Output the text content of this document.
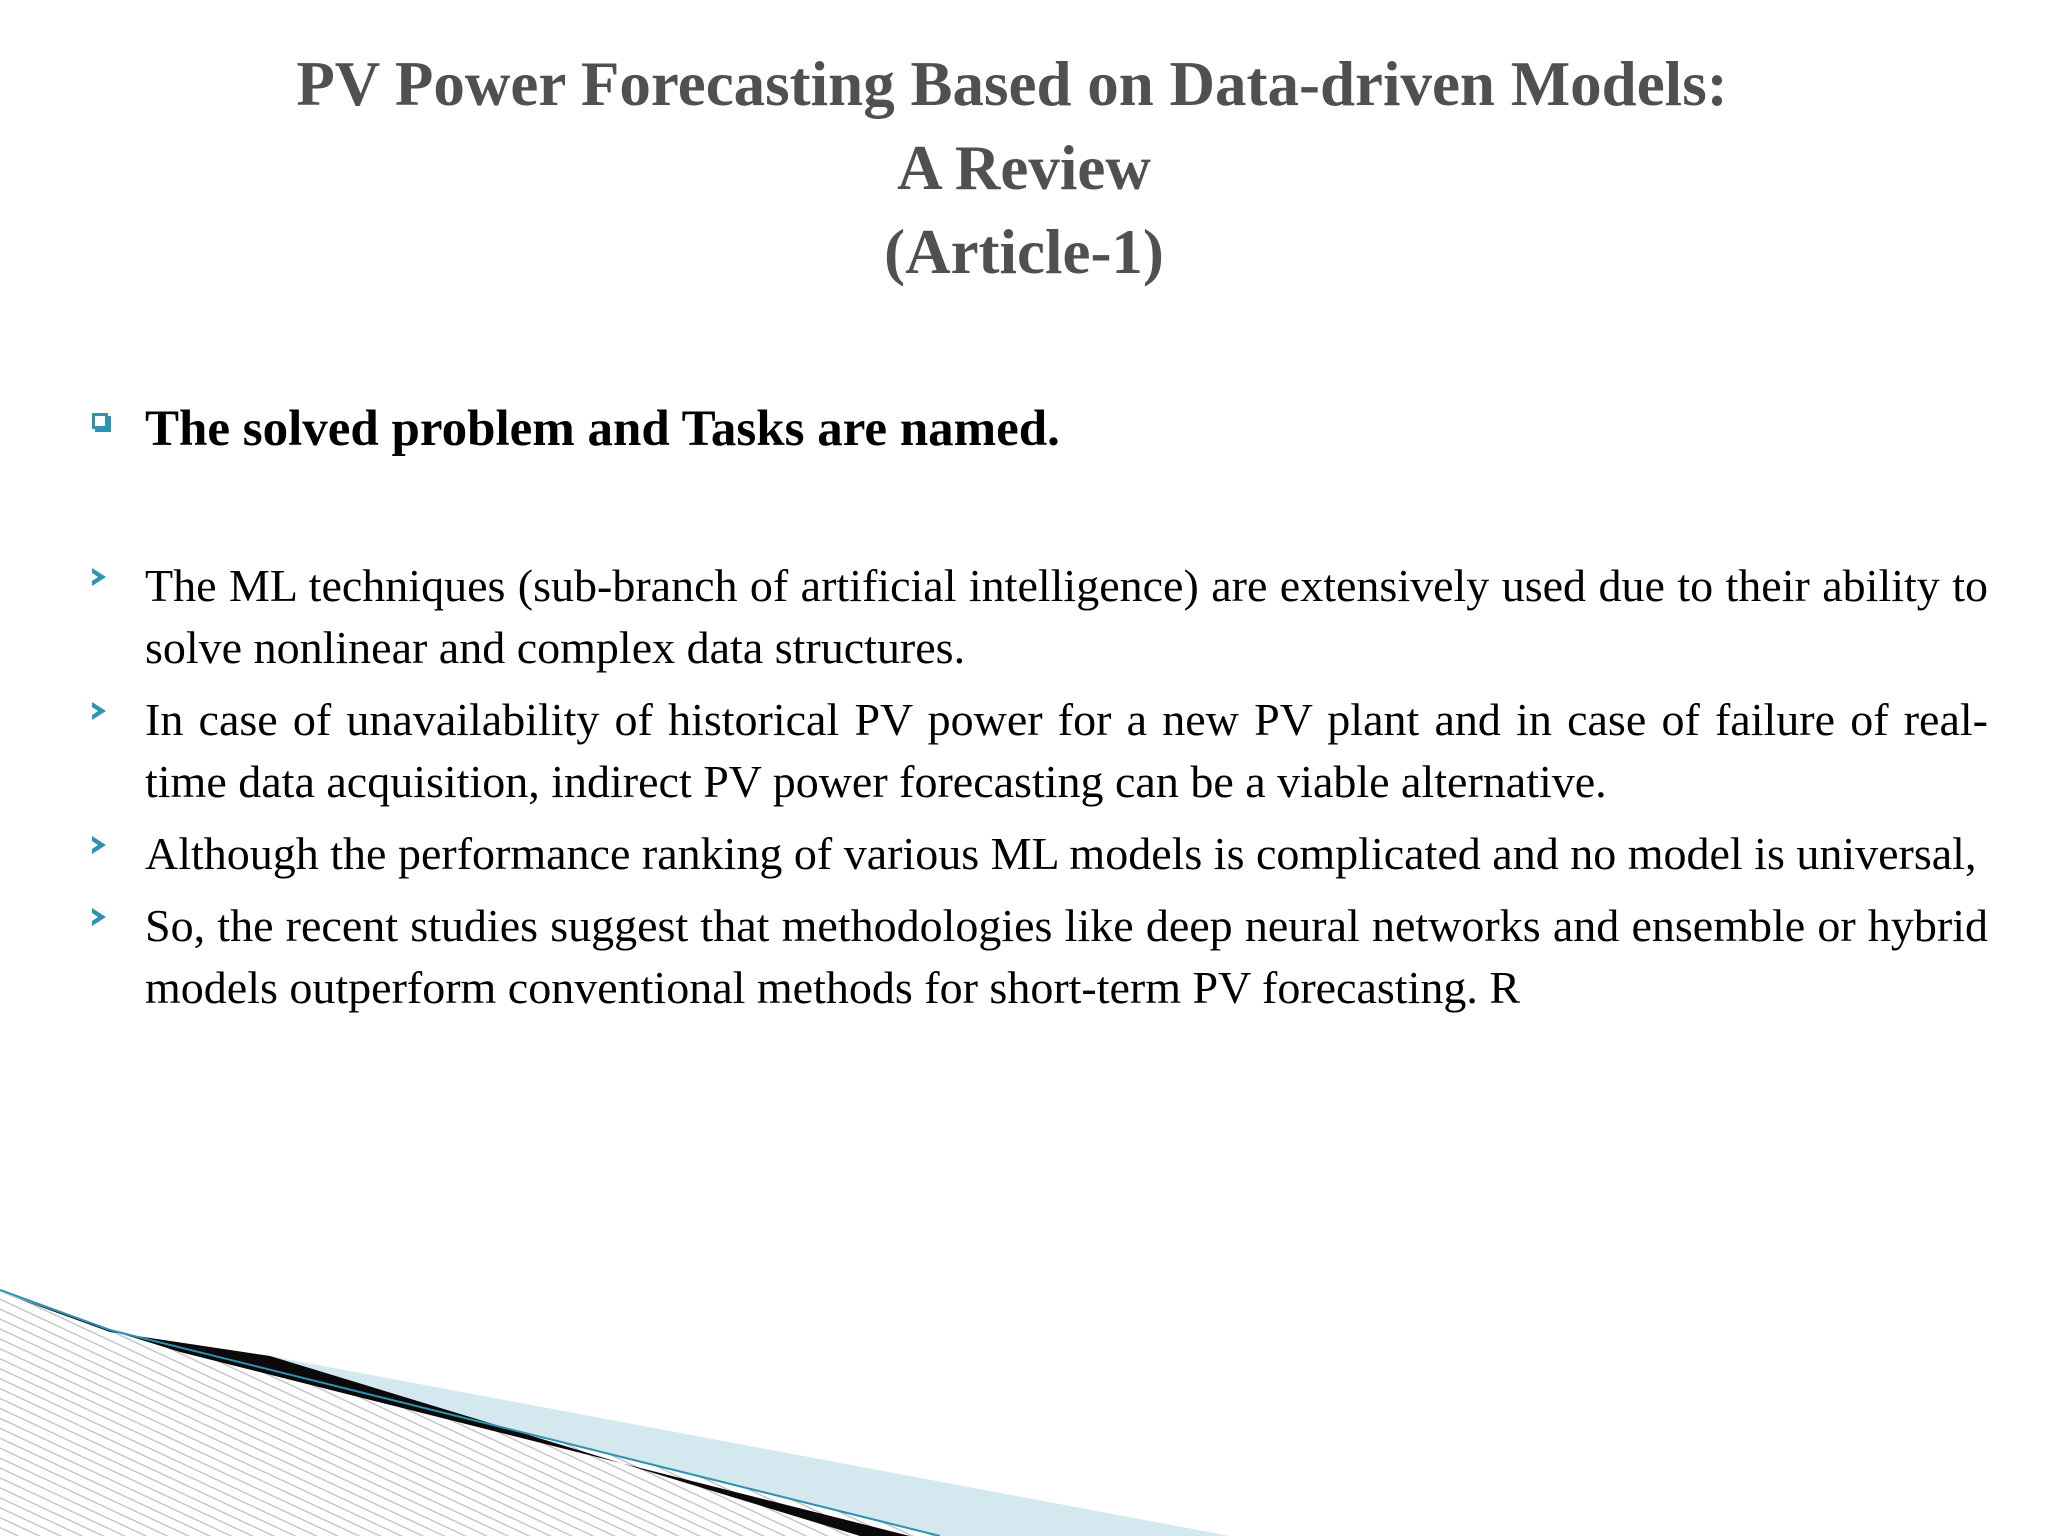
PV Power Forecasting Based on Data-driven Models:
A Review
(Article-1)
The solved problem and Tasks are named.
The ML techniques (sub-branch of artificial intelligence) are extensively used due to their ability to solve nonlinear and complex data structures.
In case of unavailability of historical PV power for a new PV plant and in case of failure of real-time data acquisition, indirect PV power forecasting can be a viable alternative.
Although the performance ranking of various ML models is complicated and no model is universal,
So, the recent studies suggest that methodologies like deep neural networks and ensemble or hybrid models outperform conventional methods for short-term PV forecasting. R
